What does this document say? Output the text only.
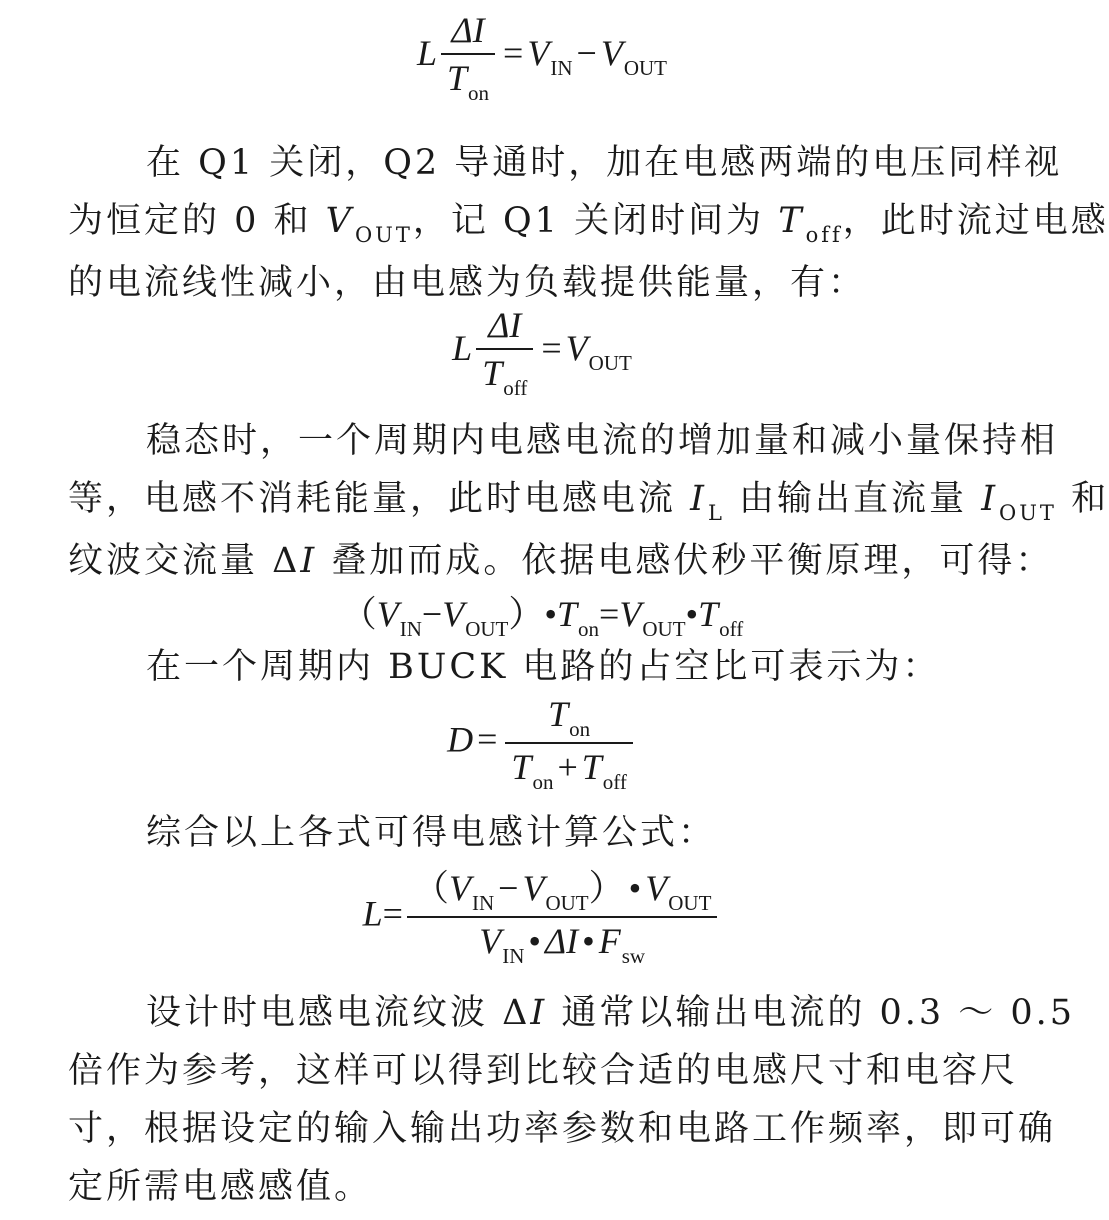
L $\frac{\Delta I}{T_{on}} = V_{IN} - V_{OUT}$
在 Q1 关闭，Q2 导通时，加在电感两端的电压同样视
为恒定的 0 和 $V_{OUT}$，记 Q1 关闭时间为 $T_{off}$，此时流过电感
的电流线性减小，由电感为负载提供能量，有：
L $\frac{\Delta I}{T_{off}} = V_{OUT}$
稳态时，一个周期内电感电流的增加量和减小量保持相
等，电感不消耗能量，此时电感电流 $I_L$ 由输出直流量 $I_{OUT}$ 和
纹波交流量 ΔI 叠加而成。依据电感伏秒平衡原理，可得：
$(V_{IN}-V_{OUT})•T_{on}=V_{OUT}•T_{off}$
在一个周期内 BUCK 电路的占空比可表示为：
$D = \frac{T_{on}}{T_{on} + T_{off}}$
综合以上各式可得电感计算公式：
$L= \frac{(V_{IN} - V_{OUT}) • V_{OUT}}{V_{IN} • \Delta I • F_{sw}}$
设计时电感电流纹波 ΔI 通常以输出电流的 0.3 ～ 0.5
倍作为参考，这样可以得到比较合适的电感尺寸和电容尺
寸，根据设定的输入输出功率参数和电路工作频率，即可确
定所需电感感值。
